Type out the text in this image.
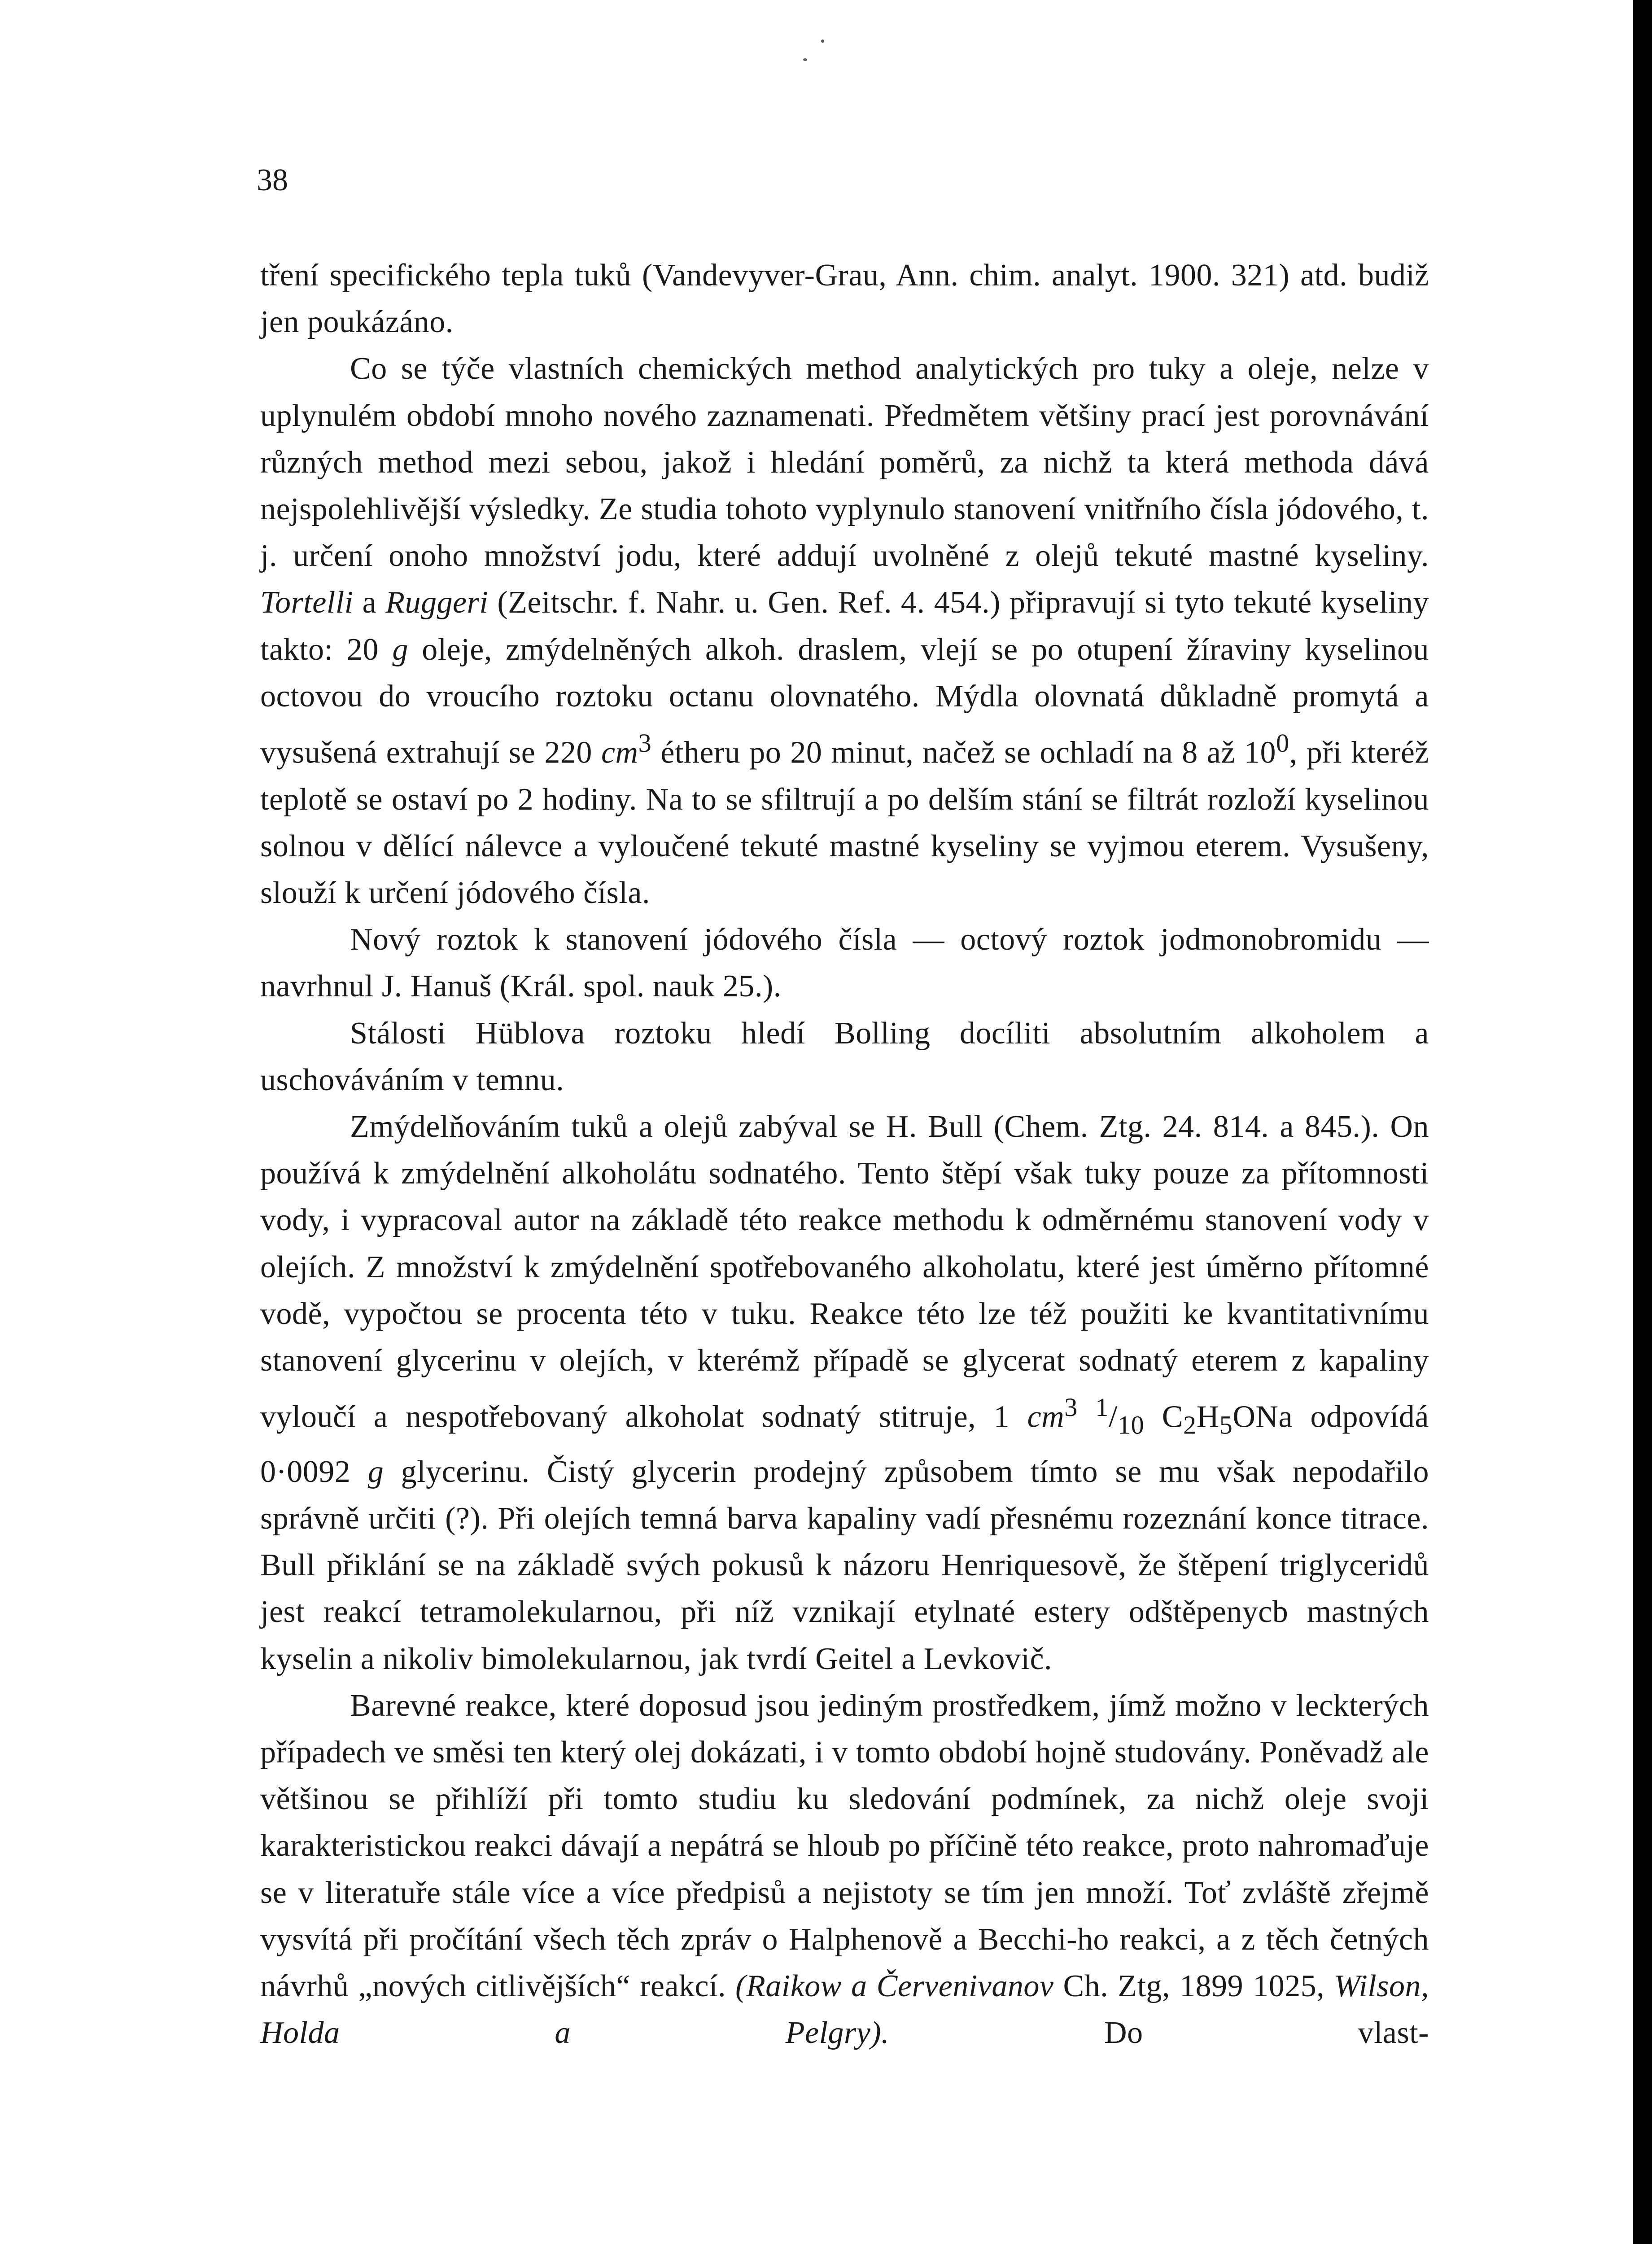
38

tření specifického tepla tuků (Vandevyver-Grau, Ann. chim. analyt. 1900. 321) atd. budiž jen poukázáno.

Co se týče vlastních chemických method analytických pro tuky a oleje, nelze v uplynulém období mnoho nového zaznamenati. Předmětem většiny prací jest porovnávání různých method mezi sebou, jakož i hledání poměrů, za nichž ta která methoda dává nejspolehlivější výsledky. Ze studia tohoto vyplynulo stanovení vnitřního čísla jódového, t. j. určení onoho množství jodu, které addují uvolněné z olejů tekuté mastné kyseliny. Tortelli a Ruggeri (Zeitschr. f. Nahr. u. Gen. Ref. 4. 454.) připravují si tyto tekuté kyseliny takto: 20 g oleje, zmýdelněných alkoh. draslem, vlejí se po otupení žíraviny kyselinou octovou do vroucího roztoku octanu olovnatého. Mýdla olovnatá důkladně promytá a vysušená extrahují se 220 $cm^3$ étheru po 20 minut, načež se ochladí na 8 až $10^0$, při kteréž teplotě se ostaví po 2 hodiny. Na to se sfiltrují a po delším stání se filtrát rozloží kyselinou solnou v dělící nálevce a vyloučené tekuté mastné kyseliny se vyjmou eterem. Vysušeny, slouží k určení jódového čísla.

Nový roztok k stanovení jódového čísla — octový roztok jodmonobromidu — navrhnul J. Hanuš (Král. spol. nauk 25.).

Stálosti Hüblova roztoku hledí Bolling docíliti absolutním alkoholem a uschováváním v temnu.

Zmýdelňováním tuků a olejů zabýval se H. Bull (Chem. Ztg. 24. 814. a 845.). On používá k zmýdelnění alkoholátu sodnatého. Tento štěpí však tuky pouze za přítomnosti vody, i vypracoval autor na základě této reakce methodu k odměrnému stanovení vody v olejích. Z množství k zmýdelnění spotřebovaného alkoholatu, které jest úměrno přítomné vodě, vypočtou se procenta této v tuku. Reakce této lze též použiti ke kvantitativnímu stanovení glycerinu v olejích, v kterémž případě se glycerat sodnatý eterem z kapaliny vyloučí a nespotřebovaný alkoholat sodnatý stitruje, 1 $cm^3$ $^1/_{10}$ $C_2H_5ONa$ odpovídá 0·0092 g glycerinu. Čistý glycerin prodejný způsobem tímto se mu však nepodařilo správně určiti (?). Při olejích temná barva kapaliny vadí přesnému rozeznání konce titrace. Bull přiklání se na základě svých pokusů k názoru Henriquesově, že štěpení triglyceridů jest reakcí tetramolekularnou, při níž vznikají etylnaté estery odštěpenycb mastných kyselin a nikoliv bimolekularnou, jak tvrdí Geitel a Levkovič.

Barevné reakce, které doposud jsou jediným prostředkem, jímž možno v leckterých případech ve směsi ten který olej dokázati, i v tomto období hojně studovány. Poněvadž ale většinou se přihlíží při tomto studiu ku sledování podmínek, za nichž oleje svoji karakteristickou reakci dávají a nepátrá se hloub po příčině této reakce, proto nahromaďuje se v literatuře stále více a více předpisů a nejistoty se tím jen množí. Toť zvláště zřejmě vysvítá při pročítání všech těch zpráv o Halphenově a Becchi-ho reakci, a z těch četných návrhů „nových citlivějších“ reakcí. (Raikow a Červenivanov Ch. Ztg, 1899 1025, Wilson, Holda a Pelgry). Do vlast-
